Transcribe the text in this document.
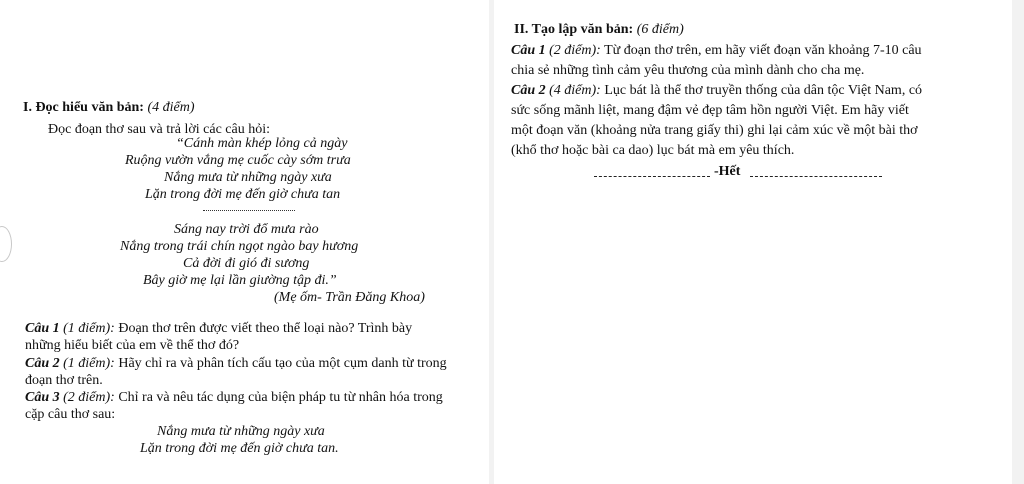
I. Đọc hiểu văn bản: (4 điểm)
Đọc đoạn thơ sau và trả lời các câu hỏi:
“Cánh màn khép lỏng cả ngày
Ruộng vườn vắng mẹ cuốc cày sớm trưa
Nắng mưa từ những ngày xưa
Lặn trong đời mẹ đến giờ chưa tan
Sáng nay trời đổ mưa rào
Nắng trong trái chín ngọt ngào bay hương
Cả đời đi gió đi sương
Bây giờ mẹ lại lần giường tập đi.”
(Mẹ ốm- Trần Đăng Khoa)
Câu 1 (1 điểm): Đoạn thơ trên được viết theo thể loại nào? Trình bày
những hiểu biết của em về thể thơ đó?
Câu 2 (1 điểm): Hãy chỉ ra và phân tích cấu tạo của một cụm danh từ trong
đoạn thơ trên.
Câu 3 (2 điểm): Chỉ ra và nêu tác dụng của biện pháp tu từ nhân hóa trong
cặp câu thơ sau:
Nắng mưa từ những ngày xưa
Lặn trong đời mẹ đến giờ chưa tan.
II. Tạo lập văn bản: (6 điểm)
Câu 1 (2 điểm): Từ đoạn thơ trên, em hãy viết đoạn văn khoảng 7-10 câu
chia sẻ những tình cảm yêu thương của mình dành cho cha mẹ.
Câu 2 (4 điểm): Lục bát là thể thơ truyền thống của dân tộc Việt Nam, có
sức sống mãnh liệt, mang đậm vẻ đẹp tâm hồn người Việt. Em hãy viết
một đoạn văn (khoảng nửa trang giấy thi) ghi lại cảm xúc về một bài thơ
(khổ thơ hoặc bài ca dao) lục bát mà em yêu thích.
-Hết
